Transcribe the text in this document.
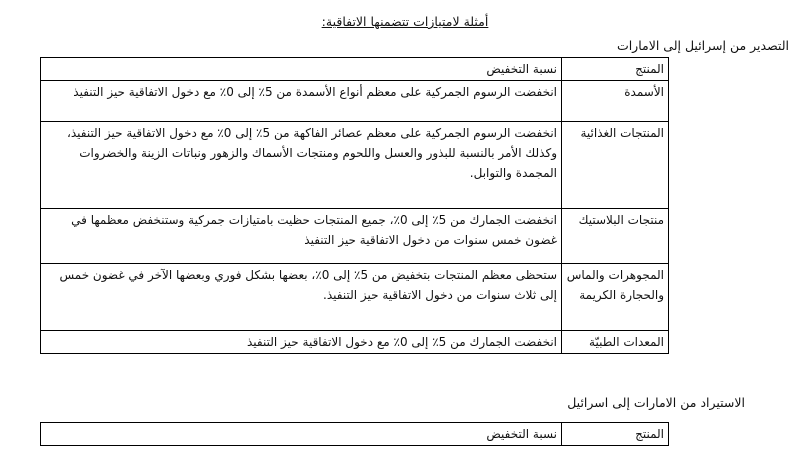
أمثلة لامتيازات تتضمنها الاتفاقية:
التصدير من إسرائيل إلى الامارات
المنتج	نسبة التخفيض
الأسمدة	انخفضت الرسوم الجمركية على معظم أنواع الأسمدة من 5٪ إلى 0٪ مع دخول الاتفاقية حيز التنفيذ
المنتجات الغذائية	انخفضت الرسوم الجمركية على معظم عصائر الفاكهة من 5٪ إلى 0٪ مع دخول الاتفاقية حيز التنفيذ، وكذلك الأمر بالنسبة للبذور والعسل واللحوم ومنتجات الأسماك والزهور ونباتات الزينة والخضروات المجمدة والتوابل.
منتجات البلاستيك	انخفضت الجمارك من 5٪ إلى 0٪، جميع المنتجات حظيت بامتيازات جمركية وستنخفض معظمها في غضون خمس سنوات من دخول الاتفاقية حيز التنفيذ
المجوهرات والماس والحجارة الكريمة	ستحظى معظم المنتجات بتخفيض من 5٪ إلى 0٪، بعضها بشكل فوري وبعضها الآخر في غضون خمس إلى ثلاث سنوات من دخول الاتفاقية حيز التنفيذ.
المعدات الطبيّة	انخفضت الجمارك من 5٪ إلى 0٪ مع دخول الاتفاقية حيز التنفيذ
الاستيراد من الامارات إلى اسرائيل
المنتج	نسبة التخفيض
